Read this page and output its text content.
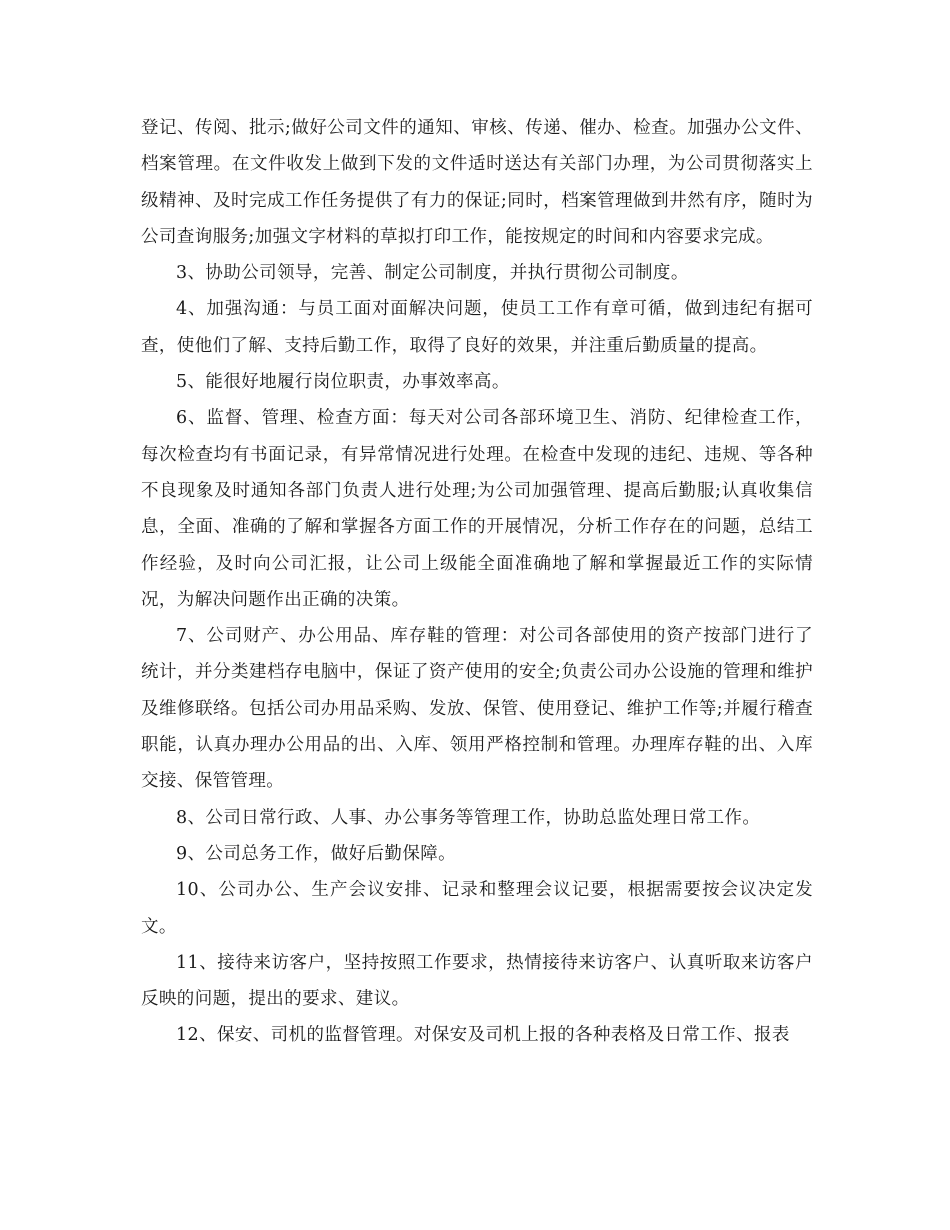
登记、传阅、批示;做好公司文件的通知、审核、传递、催办、检查。加强办公文件、档案管理。在文件收发上做到下发的文件适时送达有关部门办理，为公司贯彻落实上级精神、及时完成工作任务提供了有力的保证;同时，档案管理做到井然有序，随时为公司查询服务;加强文字材料的草拟打印工作，能按规定的时间和内容要求完成。

3、协助公司领导，完善、制定公司制度，并执行贯彻公司制度。

4、加强沟通：与员工面对面解决问题，使员工工作有章可循，做到违纪有据可查，使他们了解、支持后勤工作，取得了良好的效果，并注重后勤质量的提高。

5、能很好地履行岗位职责，办事效率高。

6、监督、管理、检查方面：每天对公司各部环境卫生、消防、纪律检查工作，每次检查均有书面记录，有异常情况进行处理。在检查中发现的违纪、违规、等各种不良现象及时通知各部门负责人进行处理;为公司加强管理、提高后勤服;认真收集信息，全面、准确的了解和掌握各方面工作的开展情况，分析工作存在的问题，总结工作经验，及时向公司汇报，让公司上级能全面准确地了解和掌握最近工作的实际情况，为解决问题作出正确的决策。

7、公司财产、办公用品、库存鞋的管理：对公司各部使用的资产按部门进行了统计，并分类建档存电脑中，保证了资产使用的安全;负责公司办公设施的管理和维护及维修联络。包括公司办用品采购、发放、保管、使用登记、维护工作等;并履行稽查职能，认真办理办公用品的出、入库、领用严格控制和管理。办理库存鞋的出、入库交接、保管管理。

8、公司日常行政、人事、办公事务等管理工作，协助总监处理日常工作。

9、公司总务工作，做好后勤保障。

10、公司办公、生产会议安排、记录和整理会议记要，根据需要按会议决定发文。

11、接待来访客户，坚持按照工作要求，热情接待来访客户、认真听取来访客户反映的问题，提出的要求、建议。

12、保安、司机的监督管理。对保安及司机上报的各种表格及日常工作、报表
